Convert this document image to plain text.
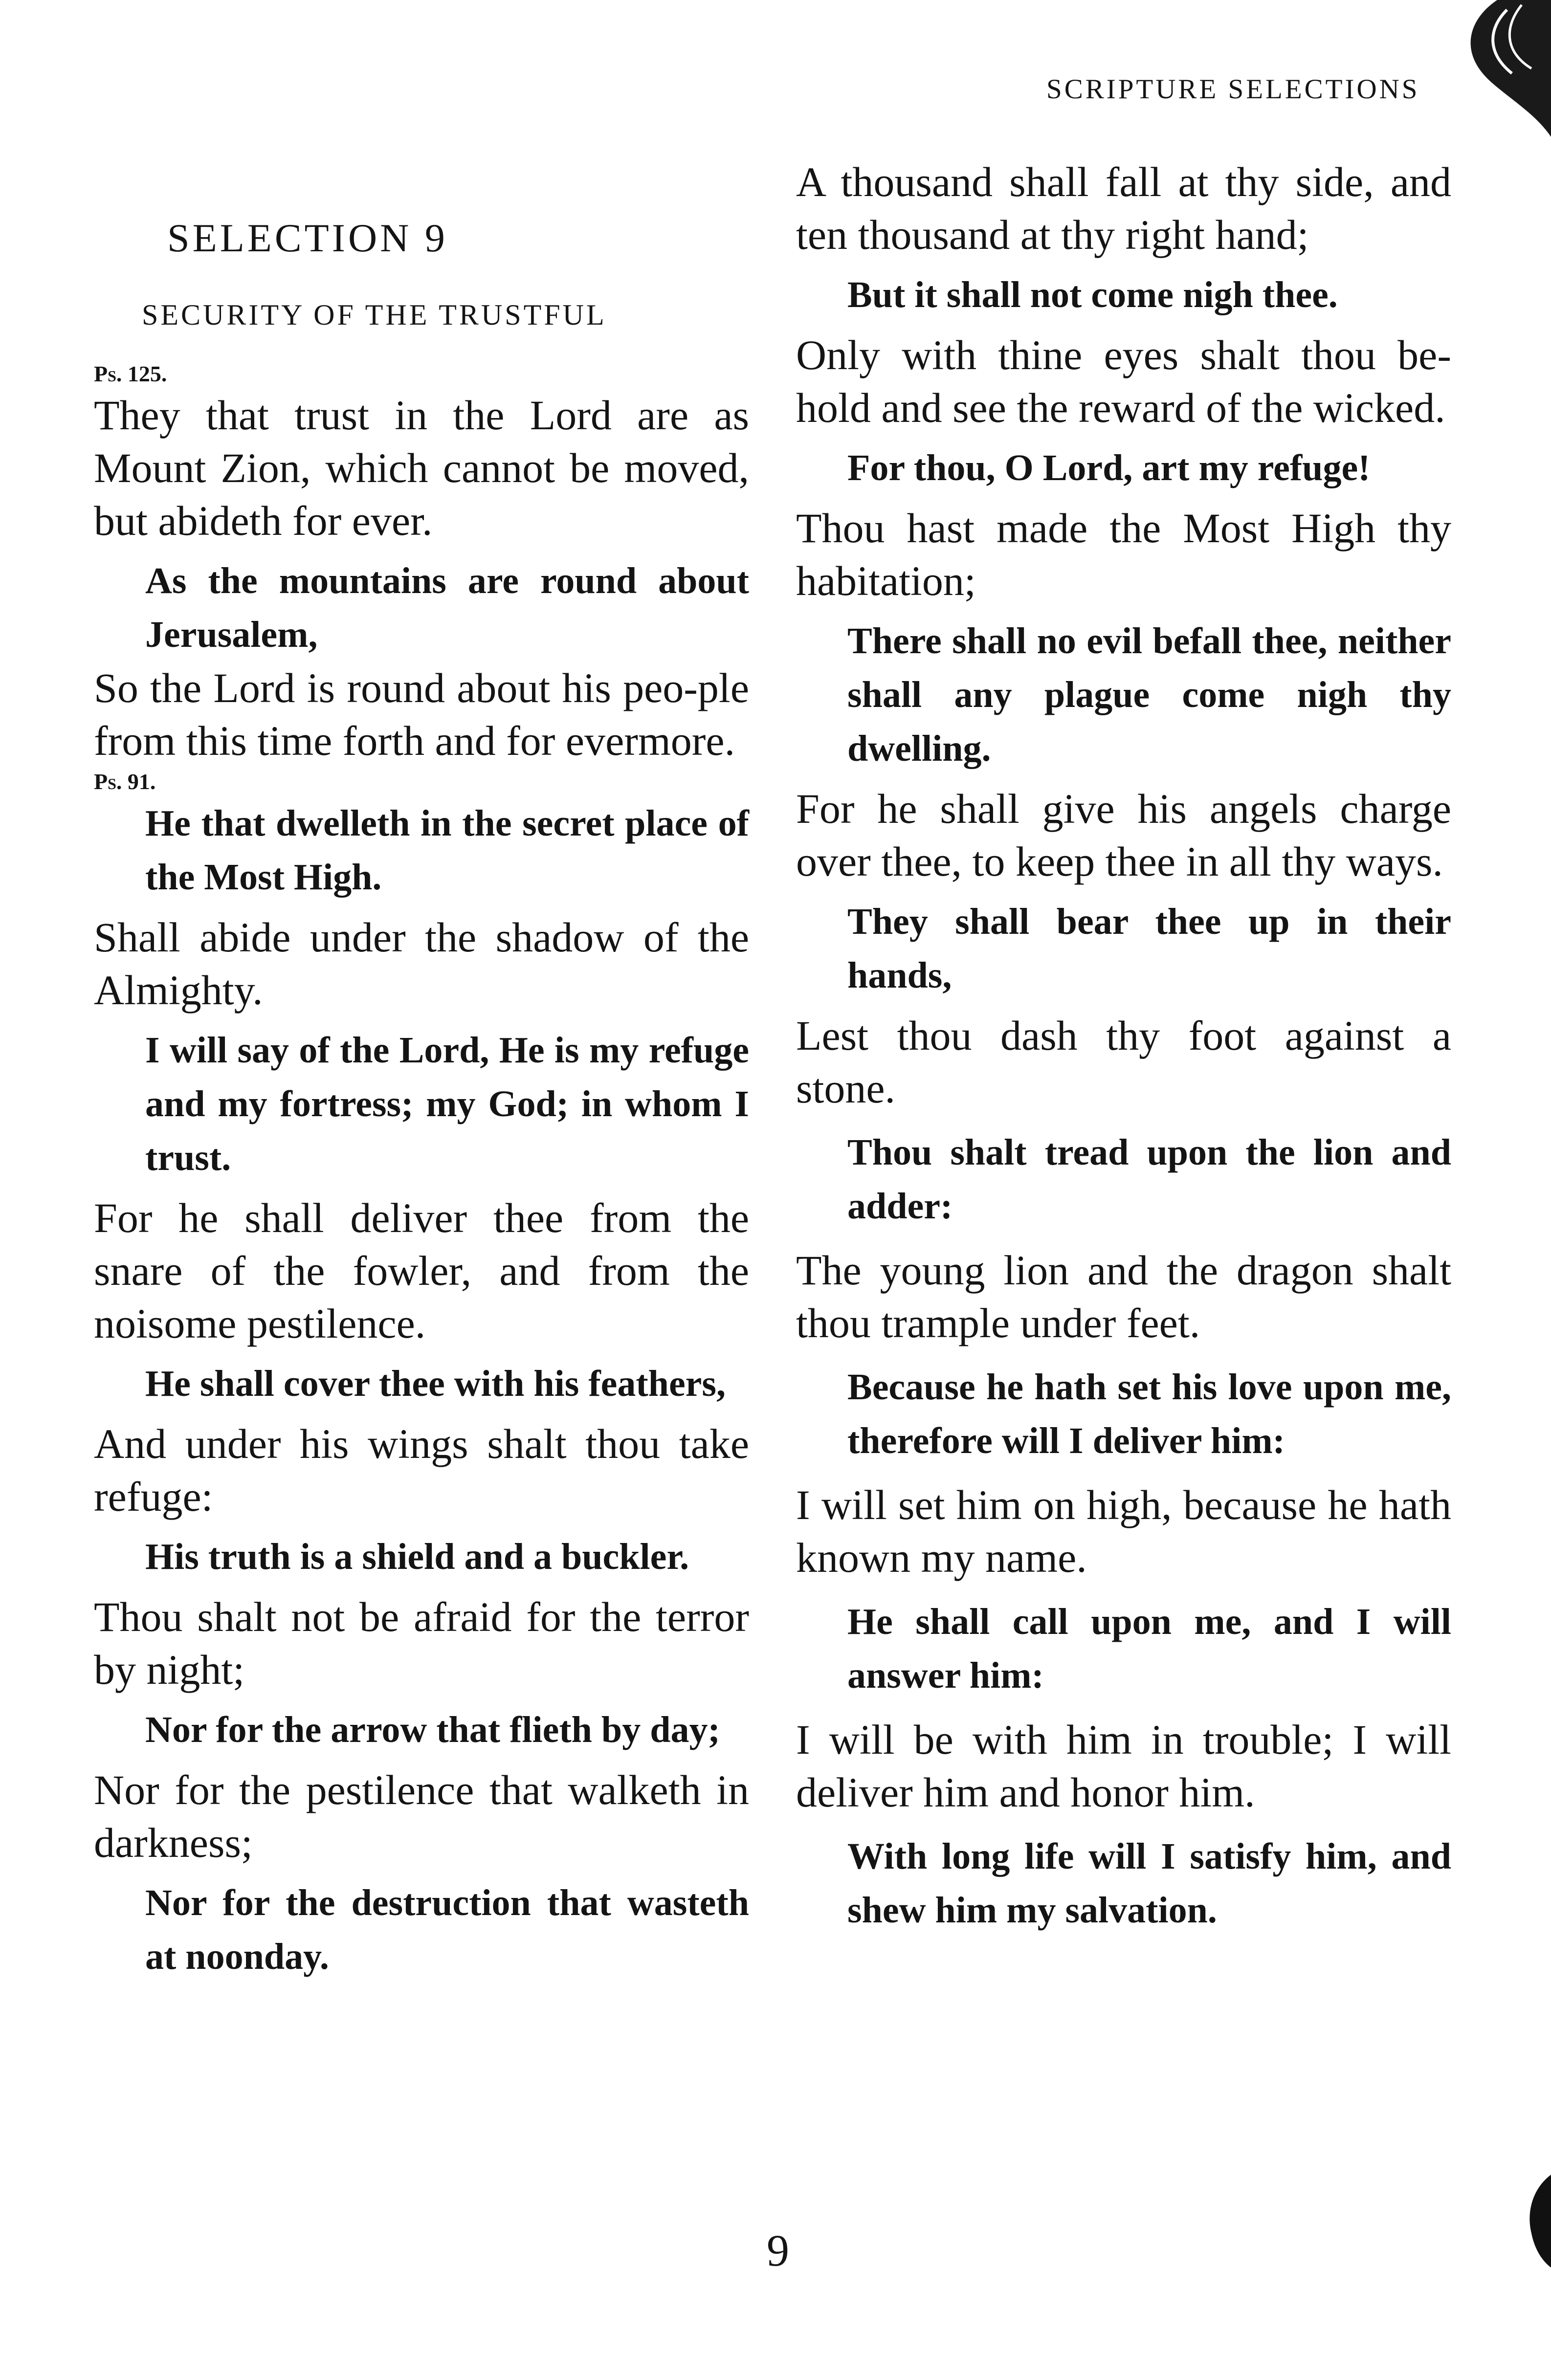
SCRIPTURE SELECTIONS
SELECTION 9
SECURITY OF THE TRUSTFUL

Ps. 125.

They that trust in the Lord are as Mount Zion, which cannot be moved, but abideth for ever.

As the mountains are round about Jerusalem,

So the Lord is round about his peo-ple from this time forth and for evermore.

Ps. 91.

He that dwelleth in the secret place of the Most High.

Shall abide under the shadow of the Almighty.

I will say of the Lord, He is my refuge and my fortress; my God; in whom I trust.

For he shall deliver thee from the snare of the fowler, and from the noisome pestilence.

He shall cover thee with his feathers,

And under his wings shalt thou take refuge:

His truth is a shield and a buckler.

Thou shalt not be afraid for the terror by night;

Nor for the arrow that flieth by day;

Nor for the pestilence that walketh in darkness;

Nor for the destruction that wasteth at noonday.

A thousand shall fall at thy side, and ten thousand at thy right hand;

But it shall not come nigh thee.

Only with thine eyes shalt thou be-hold and see the reward of the wicked.

For thou, O Lord, art my refuge!

Thou hast made the Most High thy habitation;

There shall no evil befall thee, neither shall any plague come nigh thy dwelling.

For he shall give his angels charge over thee, to keep thee in all thy ways.

They shall bear thee up in their hands,

Lest thou dash thy foot against a stone.

Thou shalt tread upon the lion and adder:

The young lion and the dragon shalt thou trample under feet.

Because he hath set his love upon me, therefore will I deliver him:

I will set him on high, because he hath known my name.

He shall call upon me, and I will answer him:

I will be with him in trouble; I will deliver him and honor him.

With long life will I satisfy him, and shew him my salvation.

9
